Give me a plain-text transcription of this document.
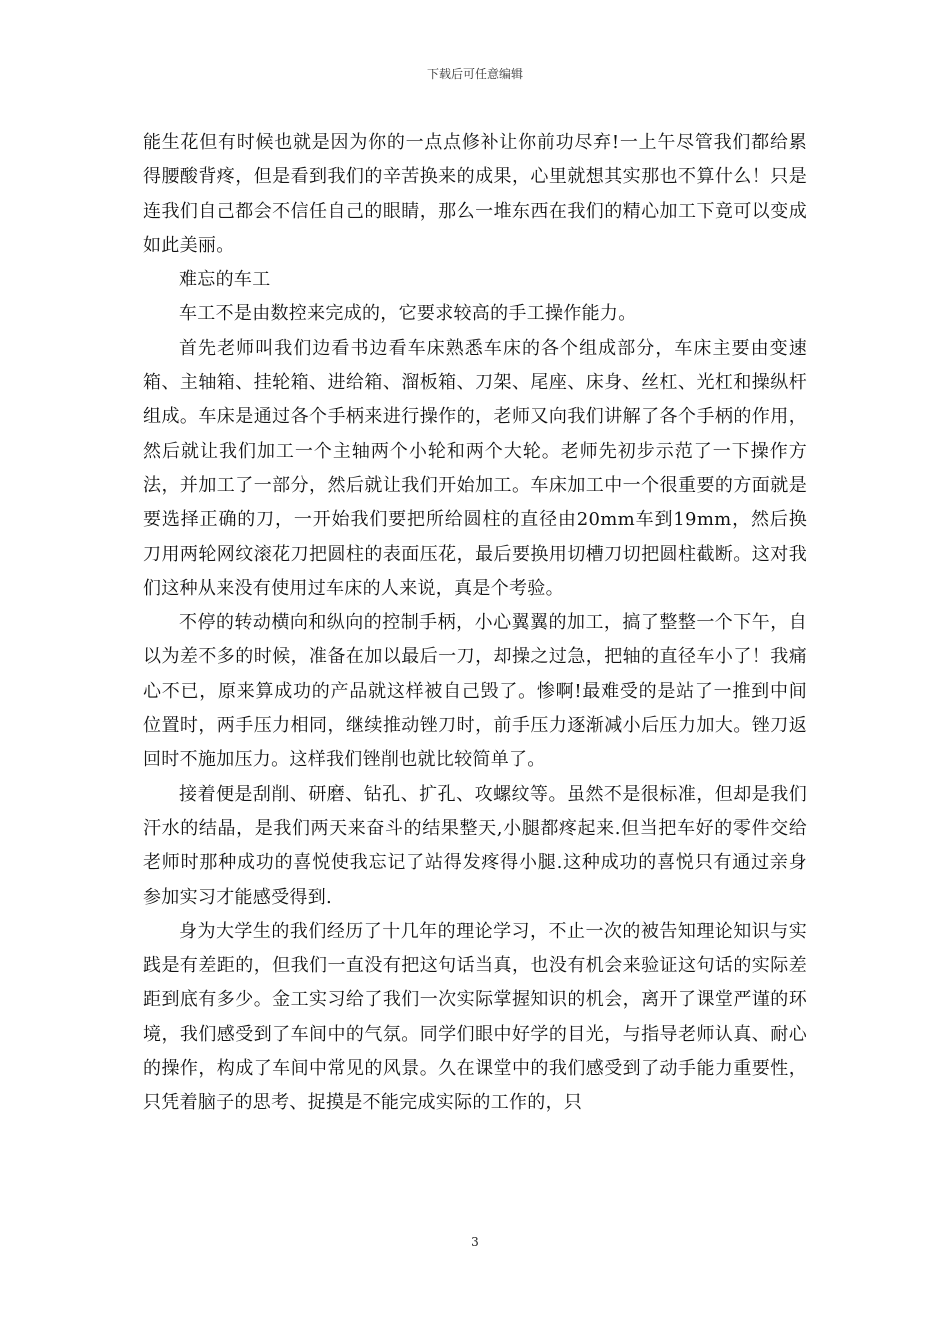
下载后可任意编辑

能生花但有时候也就是因为你的一点点修补让你前功尽弃!一上午尽管我们都给累得腰酸背疼，但是看到我们的辛苦换来的成果，心里就想其实那也不算什么！只是连我们自己都会不信任自己的眼睛，那么一堆东西在我们的精心加工下竟可以变成如此美丽。

难忘的车工

车工不是由数控来完成的，它要求较高的手工操作能力。

首先老师叫我们边看书边看车床熟悉车床的各个组成部分，车床主要由变速箱、主轴箱、挂轮箱、进给箱、溜板箱、刀架、尾座、床身、丝杠、光杠和操纵杆组成。车床是通过各个手柄来进行操作的，老师又向我们讲解了各个手柄的作用，然后就让我们加工一个主轴两个小轮和两个大轮。老师先初步示范了一下操作方法，并加工了一部分，然后就让我们开始加工。车床加工中一个很重要的方面就是要选择正确的刀，一开始我们要把所给圆柱的直径由20mm车到19mm，然后换刀用两轮网纹滚花刀把圆柱的表面压花，最后要换用切槽刀切把圆柱截断。这对我们这种从来没有使用过车床的人来说，真是个考验。

不停的转动横向和纵向的控制手柄，小心翼翼的加工，搞了整整一个下午，自以为差不多的时候，准备在加以最后一刀，却操之过急，把轴的直径车小了！我痛心不已，原来算成功的产品就这样被自己毁了。惨啊!最难受的是站了一推到中间位置时，两手压力相同，继续推动锉刀时，前手压力逐渐减小后压力加大。锉刀返回时不施加压力。这样我们锉削也就比较简单了。

接着便是刮削、研磨、钻孔、扩孔、攻螺纹等。虽然不是很标准，但却是我们汗水的结晶，是我们两天来奋斗的结果整天,小腿都疼起来.但当把车好的零件交给老师时那种成功的喜悦使我忘记了站得发疼得小腿.这种成功的喜悦只有通过亲身参加实习才能感受得到.

身为大学生的我们经历了十几年的理论学习，不止一次的被告知理论知识与实践是有差距的，但我们一直没有把这句话当真，也没有机会来验证这句话的实际差距到底有多少。金工实习给了我们一次实际掌握知识的机会，离开了课堂严谨的环境，我们感受到了车间中的气氛。同学们眼中好学的目光，与指导老师认真、耐心的操作，构成了车间中常见的风景。久在课堂中的我们感受到了动手能力重要性，只凭着脑子的思考、捉摸是不能完成实际的工作的，只

3
